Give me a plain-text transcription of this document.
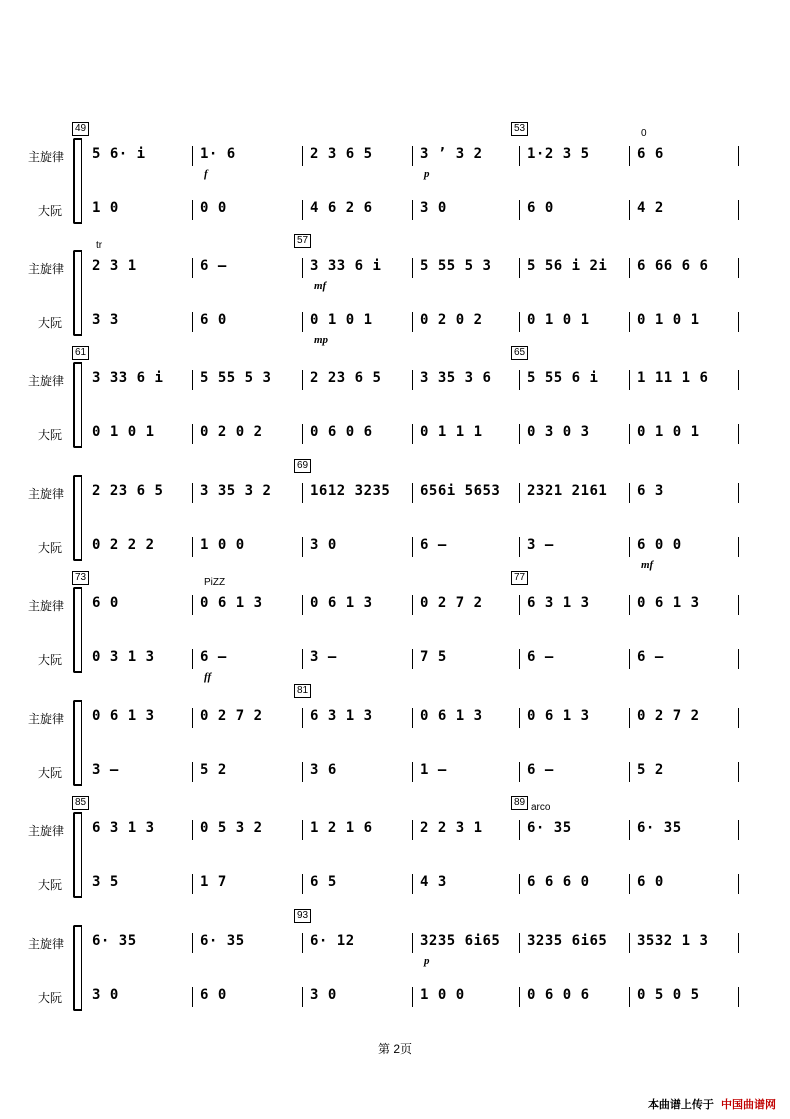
主旋律
大阮
49	53
5 6· i	1· 6	2 3 6 5	3 ’ 3 2	1·2 3 5	6 6
1 0	0 0	4 6 2 6	3 0	6 0	4 2
f	p
0
主旋律
大阮
57
2 3 1	6 –	3 33 6 i	5 55 5 3	5 56 i 2i	6 66 6 6
3 3	6 0	0 1 0 1	0 2 0 2	0 1 0 1	0 1 0 1
tr
mf
mp
主旋律
大阮
61	65
3 33 6 i	5 55 5 3	2 23 6 5	3 35 3 6	5 55 6 i	1 11 1 6
0 1 0 1	0 2 0 2	0 6 0 6	0 1 1 1	0 3 0 3	0 1 0 1
主旋律
大阮
69
2 23 6 5	3 35 3 2	1612 3235	656i 5653	2321 2161	6 3
0 2 2 2	1 0 0	3 0	6 –	3 –	6 0 0
mf
主旋律
大阮
73	77
6 0	0 6 1 3	0 6 1 3	0 2 7 2	6 3 1 3	0 6 1 3
0 3 1 3	6 –	3 –	7 5	6 –	6 –
PiZZ
ff
主旋律
大阮
81
0 6 1 3	0 2 7 2	6 3 1 3	0 6 1 3	0 6 1 3	0 2 7 2
3 –	5 2	3 6	1 –	6 –	5 2
主旋律
大阮
85	89
6 3 1 3	0 5 3 2	1 2 1 6	2 2 3 1	6· 35	6· 35
3 5	1 7	6 5	4 3	6 6 6 0	6 0
arco
主旋律
大阮
93
6· 35	6· 35	6· 12	3235 6i65	3235 6i65	3532 1 3
3 0	6 0	3 0	1 0 0	0 6 0 6	0 5 0 5
p
第 2页
本曲谱上传于 中国曲谱网
